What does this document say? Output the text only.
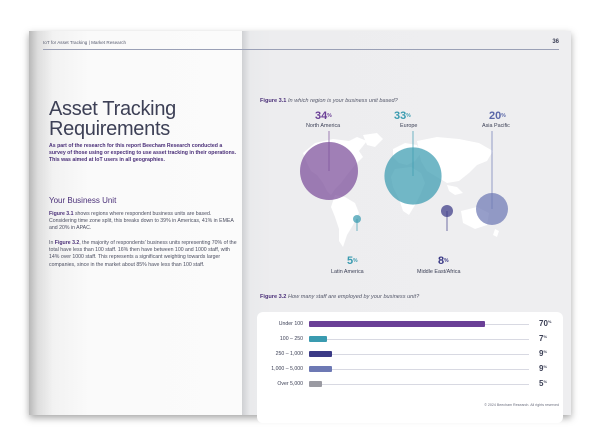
IoT for Asset Tracking | Market Research
Asset Tracking
Requirements
As part of the research for this report Beecham Research conducted a survey of those using or expecting to use asset tracking in their operations. This was aimed at IoT users in all geographies.
Your Business Unit
Figure 3.1 shows regions where respondent business units are based. Considering time zone split, this breaks down to 39% in Americas, 41% in EMEA and 20% in APAC.
In Figure 3.2, the majority of respondents' business units representing 70% of the total have less than 100 staff. 16% then have between 100 and 1000 staff, with 14% over 1000 staff. This represents a significant weighting towards larger companies, since in the market about 85% have less than 100 staff.
36
Figure 3.1 In which region is your business unit based?
34%
North America
33%
Europe
20%
Asia Pacific
5%
Latin America
8%
Middle East/Africa
Figure 3.2 How many staff are employed by your business unit?
Under 100	70%
100 – 250	7%
250 – 1,000	9%
1,000 – 5,000	9%
Over 5,000	5%
© 2024 Beecham Research. All rights reserved
